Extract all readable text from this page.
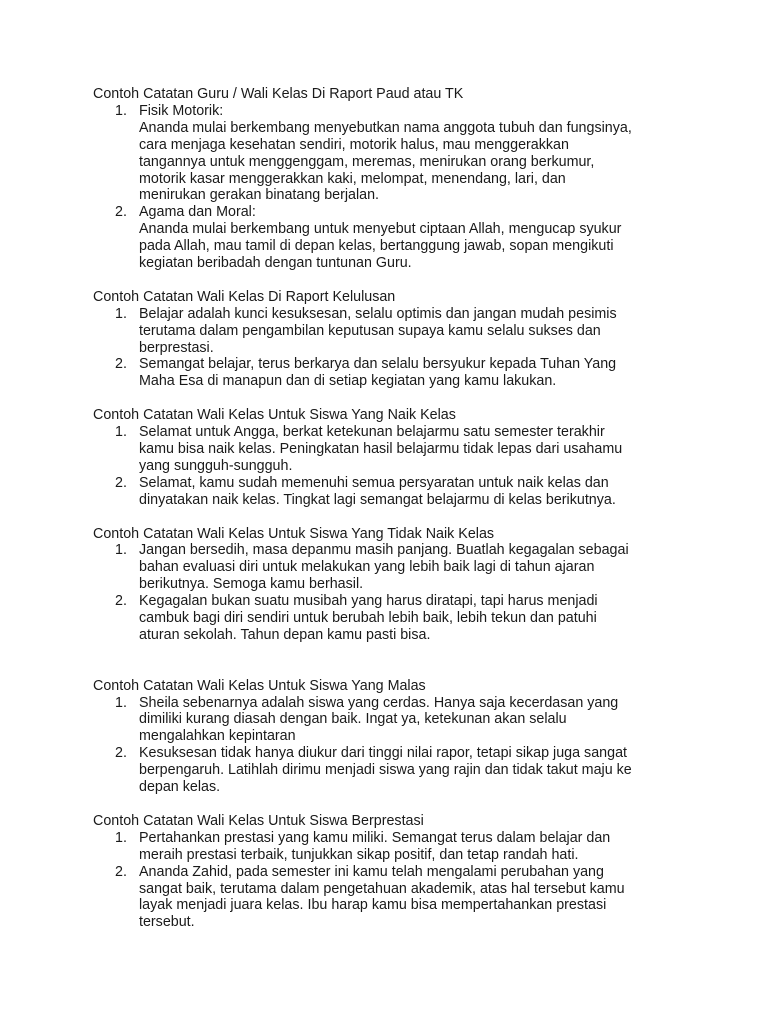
Contoh Catatan Guru / Wali Kelas Di Raport Paud atau TK

1. Fisik Motorik:
Ananda mulai berkembang menyebutkan nama anggota tubuh dan fungsinya,
cara menjaga kesehatan sendiri, motorik halus, mau menggerakkan
tangannya untuk menggenggam, meremas, menirukan orang berkumur,
motorik kasar menggerakkan kaki, melompat, menendang, lari, dan
menirukan gerakan binatang berjalan.
2. Agama dan Moral:
Ananda mulai berkembang untuk menyebut ciptaan Allah, mengucap syukur
pada Allah, mau tamil di depan kelas, bertanggung jawab, sopan mengikuti
kegiatan beribadah dengan tuntunan Guru.

Contoh Catatan Wali Kelas Di Raport Kelulusan

1. Belajar adalah kunci kesuksesan, selalu optimis dan jangan mudah pesimis
terutama dalam pengambilan keputusan supaya kamu selalu sukses dan
berprestasi.
2. Semangat belajar, terus berkarya dan selalu bersyukur kepada Tuhan Yang
Maha Esa di manapun dan di setiap kegiatan yang kamu lakukan.

Contoh Catatan Wali Kelas Untuk Siswa Yang Naik Kelas

1. Selamat untuk Angga, berkat ketekunan belajarmu satu semester terakhir
kamu bisa naik kelas. Peningkatan hasil belajarmu tidak lepas dari usahamu
yang sungguh-sungguh.
2. Selamat, kamu sudah memenuhi semua persyaratan untuk naik kelas dan
dinyatakan naik kelas. Tingkat lagi semangat belajarmu di kelas berikutnya.

Contoh Catatan Wali Kelas Untuk Siswa Yang Tidak Naik Kelas

1. Jangan bersedih, masa depanmu masih panjang. Buatlah kegagalan sebagai
bahan evaluasi diri untuk melakukan yang lebih baik lagi di tahun ajaran
berikutnya. Semoga kamu berhasil.
2. Kegagalan bukan suatu musibah yang harus diratapi, tapi harus menjadi
cambuk bagi diri sendiri untuk berubah lebih baik, lebih tekun dan patuhi
aturan sekolah. Tahun depan kamu pasti bisa.

Contoh Catatan Wali Kelas Untuk Siswa Yang Malas

1. Sheila sebenarnya adalah siswa yang cerdas. Hanya saja kecerdasan yang
dimiliki kurang diasah dengan baik. Ingat ya, ketekunan akan selalu
mengalahkan kepintaran
2. Kesuksesan tidak hanya diukur dari tinggi nilai rapor, tetapi sikap juga sangat
berpengaruh. Latihlah dirimu menjadi siswa yang rajin dan tidak takut maju ke
depan kelas.

Contoh Catatan Wali Kelas Untuk Siswa Berprestasi

1. Pertahankan prestasi yang kamu miliki. Semangat terus dalam belajar dan
meraih prestasi terbaik, tunjukkan sikap positif, dan tetap randah hati.
2. Ananda Zahid, pada semester ini kamu telah mengalami perubahan yang
sangat baik, terutama dalam pengetahuan akademik, atas hal tersebut kamu
layak menjadi juara kelas. Ibu harap kamu bisa mempertahankan prestasi
tersebut.
